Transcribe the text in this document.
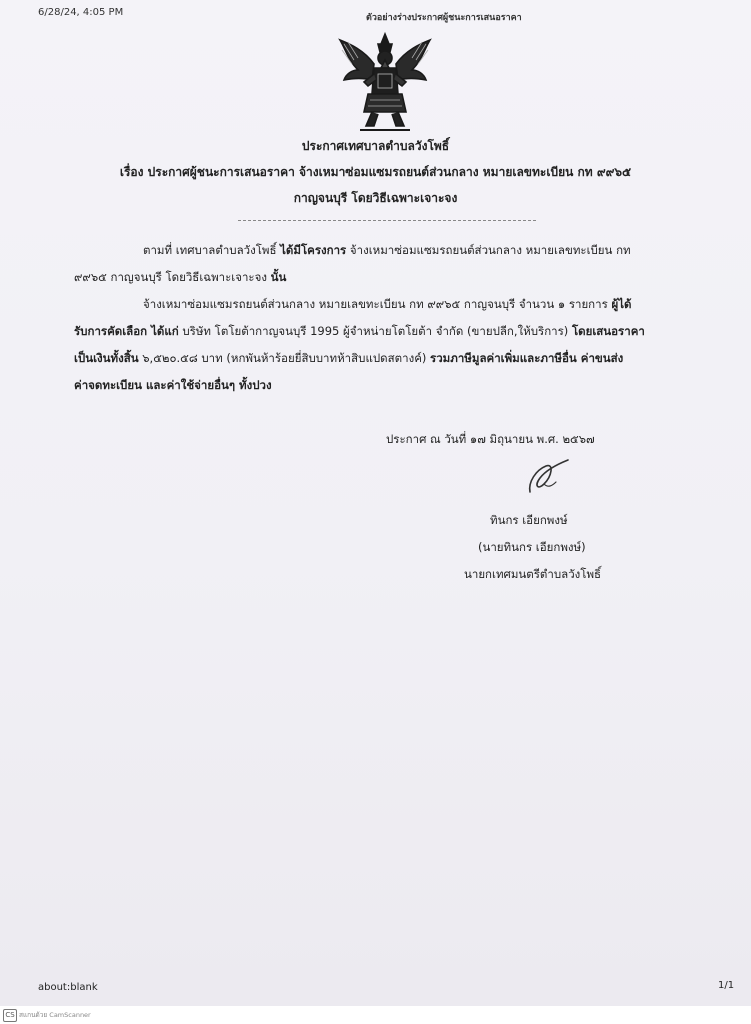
6/28/24, 4:05 PM	ตัวอย่างร่างประกาศผู้ชนะการเสนอราคา
ประกาศเทศบาลตำบลวังโพธิ์
เรื่อง ประกาศผู้ชนะการเสนอราคา จ้างเหมาซ่อมแซมรถยนต์ส่วนกลาง หมายเลขทะเบียน กท ๙๙๖๕
กาญจนบุรี โดยวิธีเฉพาะเจาะจง
ตามที่ เทศบาลตำบลวังโพธิ์ ได้มีโครงการ จ้างเหมาซ่อมแซมรถยนต์ส่วนกลาง หมายเลขทะเบียน กท
๙๙๖๕ กาญจนบุรี โดยวิธีเฉพาะเจาะจง นั้น
จ้างเหมาซ่อมแซมรถยนต์ส่วนกลาง หมายเลขทะเบียน กท ๙๙๖๕ กาญจนบุรี จำนวน ๑ รายการ ผู้ได้
รับการคัดเลือก ได้แก่ บริษัท โตโยต้ากาญจนบุรี 1995 ผู้จำหน่ายโตโยต้า จำกัด (ขายปลีก,ให้บริการ) โดยเสนอราคา
เป็นเงินทั้งสิ้น ๖,๕๒๐.๕๘ บาท (หกพันห้าร้อยยี่สิบบาทห้าสิบแปดสตางค์) รวมภาษีมูลค่าเพิ่มและภาษีอื่น ค่าขนส่ง
ค่าจดทะเบียน และค่าใช้จ่ายอื่นๆ ทั้งปวง
ประกาศ ณ วันที่ ๑๗ มิถุนายน พ.ศ. ๒๕๖๗
ทินกร เอียกพงษ์
(นายทินกร เอียกพงษ์)
นายกเทศมนตรีตำบลวังโพธิ์
about:blank	1/1
CS สแกนด้วย CamScanner
